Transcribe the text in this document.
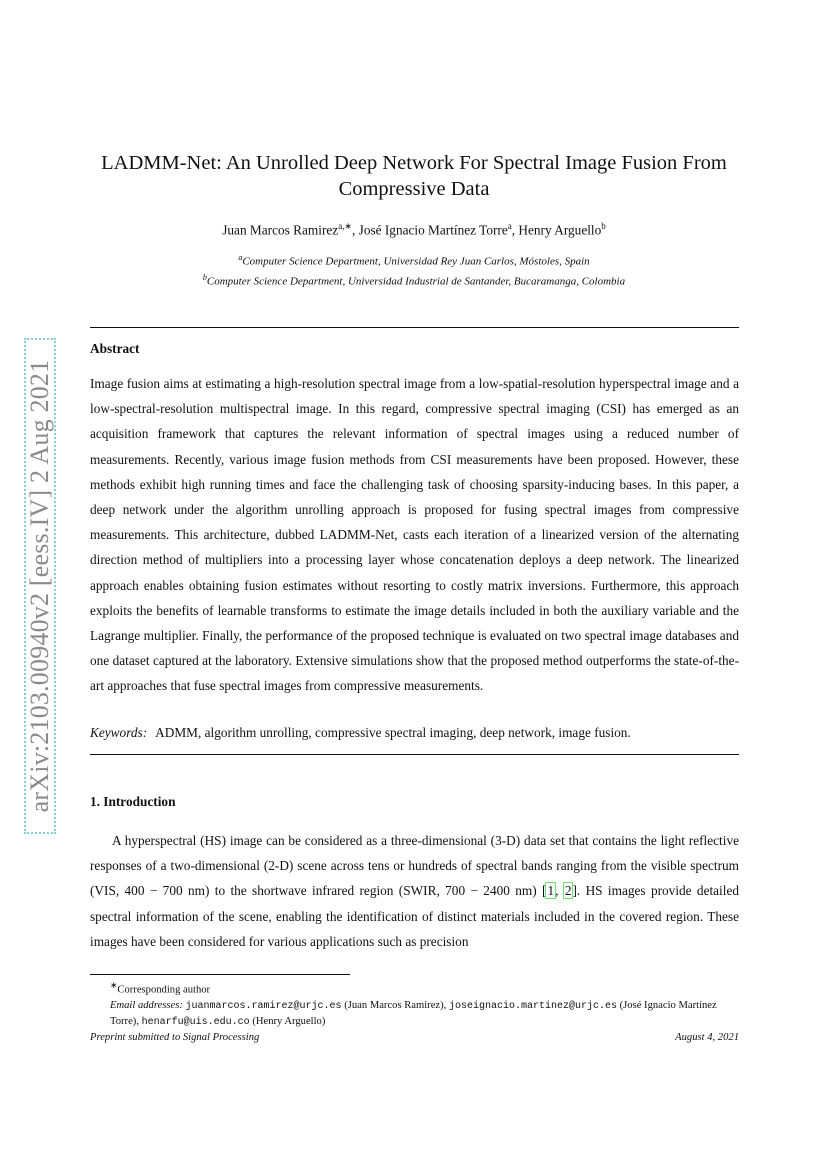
arXiv:2103.00940v2 [eess.IV] 2 Aug 2021
LADMM-Net: An Unrolled Deep Network For Spectral Image Fusion From
Compressive Data
Juan Marcos Ramirez$^{a,∗}$, José Ignacio Martínez Torre$^a$, Henry Arguello$^b$
$^a$Computer Science Department, Universidad Rey Juan Carlos, Móstoles, Spain
$^b$Computer Science Department, Universidad Industrial de Santander, Bucaramanga, Colombia
Abstract

Image fusion aims at estimating a high-resolution spectral image from a low-spatial-resolution hyperspectral image and a low-spectral-resolution multispectral image. In this regard, compressive spectral imaging (CSI) has emerged as an acquisition framework that captures the relevant information of spectral images using a reduced number of measurements. Recently, various image fusion methods from CSI measurements have been proposed. However, these methods exhibit high running times and face the challenging task of choosing sparsity-inducing bases. In this paper, a deep network under the algorithm unrolling approach is proposed for fusing spectral images from compressive measurements. This architecture, dubbed LADMM-Net, casts each iteration of a linearized version of the alternating direction method of multipliers into a processing layer whose concatenation deploys a deep network. The linearized approach enables obtaining fusion estimates without resorting to costly matrix inversions. Furthermore, this approach exploits the benefits of learnable transforms to estimate the image details included in both the auxiliary variable and the Lagrange multiplier. Finally, the performance of the proposed technique is evaluated on two spectral image databases and one dataset captured at the laboratory. Extensive simulations show that the proposed method outperforms the state-of-the-art approaches that fuse spectral images from compressive measurements.

Keywords: ADMM, algorithm unrolling, compressive spectral imaging, deep network, image fusion.
1. Introduction

A hyperspectral (HS) image can be considered as a three-dimensional (3-D) data set that contains the light reflective responses of a two-dimensional (2-D) scene across tens or hundreds of spectral bands ranging from the visible spectrum (VIS, 400 − 700 nm) to the shortwave infrared region (SWIR, 700 − 2400 nm) [1, 2]. HS images provide detailed spectral information of the scene, enabling the identification of distinct materials included in the covered region. These images have been considered for various applications such as precision

∗Corresponding author
Email addresses: juanmarcos.ramirez@urjc.es (Juan Marcos Ramirez), joseignacio.martinez@urjc.es (José Ignacio Martínez Torre), henarfu@uis.edu.co (Henry Arguello)
Preprint submitted to Signal Processing	August 4, 2021
